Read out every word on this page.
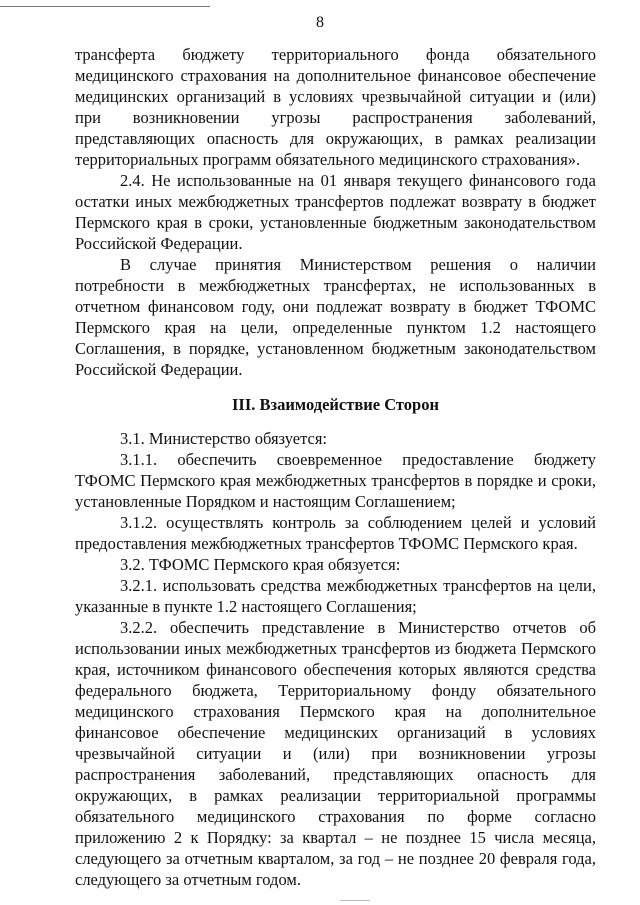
8

трансферта бюджету территориального фонда обязательного медицинского страхования на дополнительное финансовое обеспечение медицинских организаций в условиях чрезвычайной ситуации и (или) при возникновении угрозы распространения заболеваний, представляющих опасность для окружающих, в рамках реализации территориальных программ обязательного медицинского страхования».

2.4. Не использованные на 01 января текущего финансового года остатки иных межбюджетных трансфертов подлежат возврату в бюджет Пермского края в сроки, установленные бюджетным законодательством Российской Федерации.

В случае принятия Министерством решения о наличии потребности в межбюджетных трансфертах, не использованных в отчетном финансовом году, они подлежат возврату в бюджет ТФОМС Пермского края на цели, определенные пунктом 1.2 настоящего Соглашения, в порядке, установленном бюджетным законодательством Российской Федерации.

III. Взаимодействие Сторон

3.1. Министерство обязуется:

3.1.1. обеспечить своевременное предоставление бюджету ТФОМС Пермского края межбюджетных трансфертов в порядке и сроки, установленные Порядком и настоящим Соглашением;

3.1.2. осуществлять контроль за соблюдением целей и условий предоставления межбюджетных трансфертов ТФОМС Пермского края.

3.2. ТФОМС Пермского края обязуется:

3.2.1. использовать средства межбюджетных трансфертов на цели, указанные в пункте 1.2 настоящего Соглашения;

3.2.2. обеспечить представление в Министерство отчетов об использовании иных межбюджетных трансфертов из бюджета Пермского края, источником финансового обеспечения которых являются средства федерального бюджета, Территориальному фонду обязательного медицинского страхования Пермского края на дополнительное финансовое обеспечение медицинских организаций в условиях чрезвычайной ситуации и (или) при возникновении угрозы распространения заболеваний, представляющих опасность для окружающих, в рамках реализации территориальной программы обязательного медицинского страхования по форме согласно приложению 2 к Порядку: за квартал – не позднее 15 числа месяца, следующего за отчетным кварталом, за год – не позднее 20 февраля года, следующего за отчетным годом.
